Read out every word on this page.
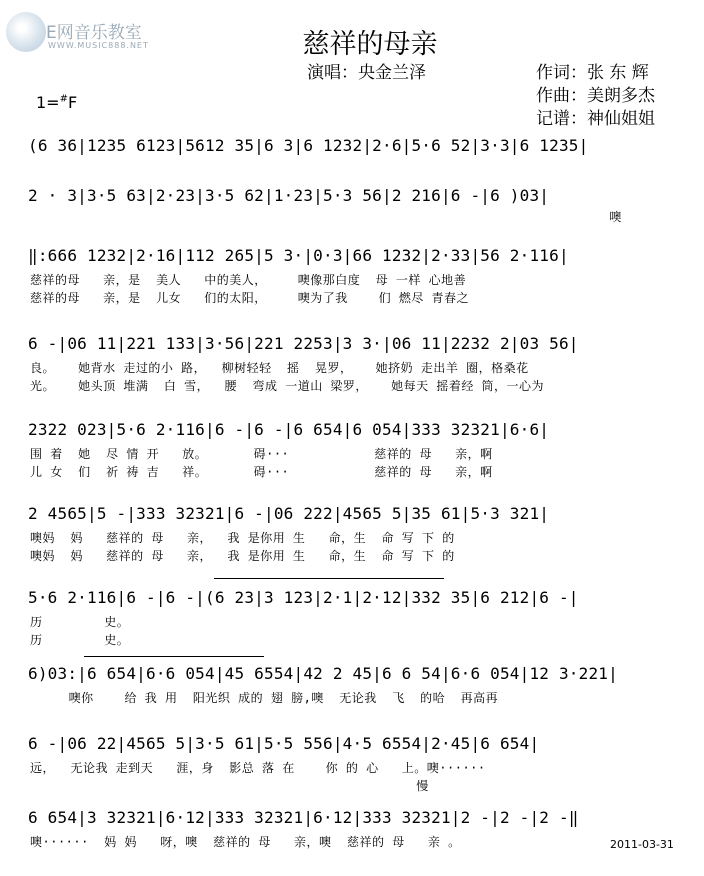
E网音乐教室
WWW.MUSIC888.NET	慈祥的母亲
演唱：央金兰泽	作词：张 东 辉
作曲：美朗多杰
记谱：神仙姐姐
1=#F
(6 36|1235 6123|5612 35|6 3|6 1232|2·6|5·6 52|3·3|6 1235|
2 · 3|3·5 63|2·23|3·5 62|1·23|5·3 56|2 216|6 -|6 )03|
噢
‖:666 1232|2·16|112 265|5 3·|0·3|66 1232|2·33|56 2·116|
慈祥的母   亲，是  美人   中的美人，    噢像那白度  母 一样 心地善
慈祥的母   亲，是  儿女   们的太阳，    噢为了我    们 燃尽 青春之
6 -|06 11|221 133|3·56|221 2253|3 3·|06 11|2232 2|03 56|
良。   她背水 走过的小 路，  柳树轻轻  摇  晃罗，   她挤奶 走出羊 圈，格桑花
光。   她头顶 堆满  白 雪，  腰  弯成 一道山 梁罗，   她每天 摇着经 筒，一心为
2322 023|5·6 2·116|6 -|6 -|6 654|6 054|333 32321|6·6|
围 着  她  尽 情 开   放。      碍···           慈祥的 母   亲，啊
儿 女  们  祈 祷 吉   祥。      碍···           慈祥的 母   亲，啊
2 4565|5 -|333 32321|6 -|06 222|4565 5|35 61|5·3 321|
噢妈  妈   慈祥的 母   亲，  我 是你用 生   命，生  命 写 下 的
噢妈  妈   慈祥的 母   亲，  我 是你用 生   命，生  命 写 下 的
5·6 2·116|6 -|6 -|(6 23|3 123|2·1|2·12|332 35|6 212|6 -|
历        史。
历        史。
6)03:|6 654|6·6 054|45 6554|42 2 45|6 6 54|6·6 054|12 3·221|
噢你    给 我 用  阳光织 成的 翅 膀,噢  无论我  飞  的哈  再高再
6 -|06 22|4565 5|3·5 61|5·5 556|4·5 6554|2·45|6 654|
远，  无论我 走到天   涯，身  影总 落 在    你 的 心   上。噢······
慢
6 654|3 32321|6·12|333 32321|6·12|333 32321|2 -|2 -|2 -‖
噢······  妈 妈   呀，噢  慈祥的 母   亲，噢  慈祥的 母   亲 。	2011-03-31
